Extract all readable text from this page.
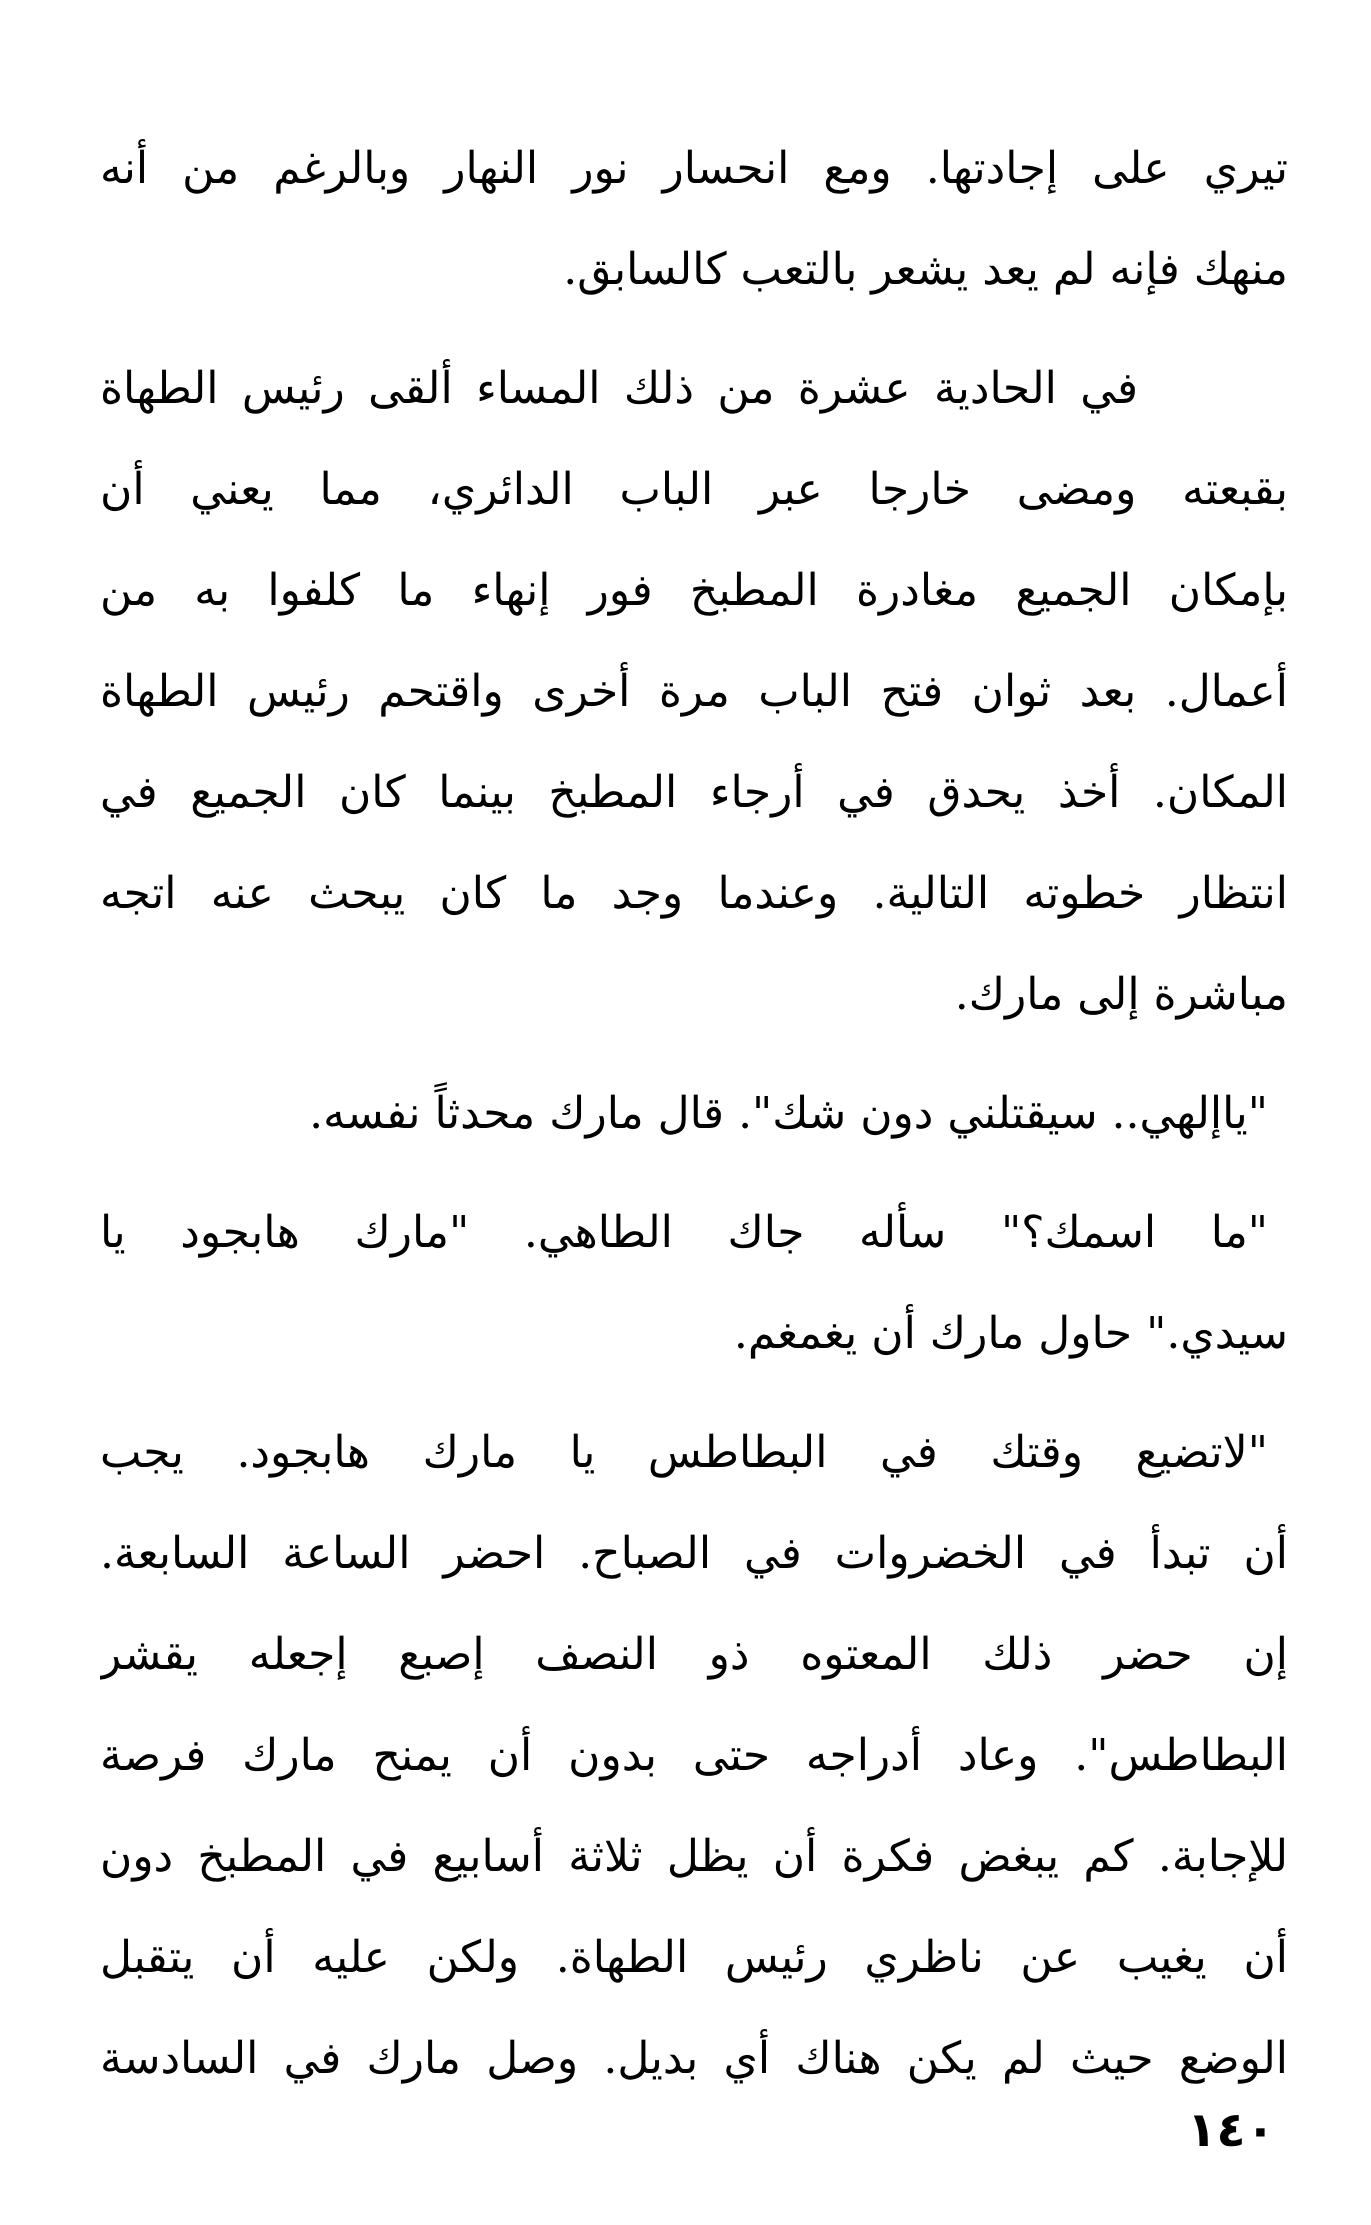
تيري على إجادتها. ومع انحسار نور النهار وبالرغم من أنه
منهك فإنه لم يعد يشعر بالتعب كالسابق.
في الحادية عشرة من ذلك المساء ألقى رئيس الطهاة
بقبعته ومضى خارجا عبر الباب الدائري، مما يعني أن
بإمكان الجميع مغادرة المطبخ فور إنهاء ما كلفوا به من
أعمال. بعد ثوان فتح الباب مرة أخرى واقتحم رئيس الطهاة
المكان. أخذ يحدق في أرجاء المطبخ بينما كان الجميع في
انتظار خطوته التالية. وعندما وجد ما كان يبحث عنه اتجه
مباشرة إلى مارك.
"ياإلهي.. سيقتلني دون شك". قال مارك محدثاً نفسه.
"ما اسمك؟" سأله جاك الطاهي. "مارك هابجود يا
سيدي." حاول مارك أن يغمغم.
"لاتضيع وقتك في البطاطس يا مارك هابجود. يجب
أن تبدأ في الخضروات في الصباح. احضر الساعة السابعة.
إن حضر ذلك المعتوه ذو النصف إصبع إجعله يقشر
البطاطس". وعاد أدراجه حتى بدون أن يمنح مارك فرصة
للإجابة. كم يبغض فكرة أن يظل ثلاثة أسابيع في المطبخ دون
أن يغيب عن ناظري رئيس الطهاة. ولكن عليه أن يتقبل
الوضع حيث لم يكن هناك أي بديل. وصل مارك في السادسة
١٤٠
